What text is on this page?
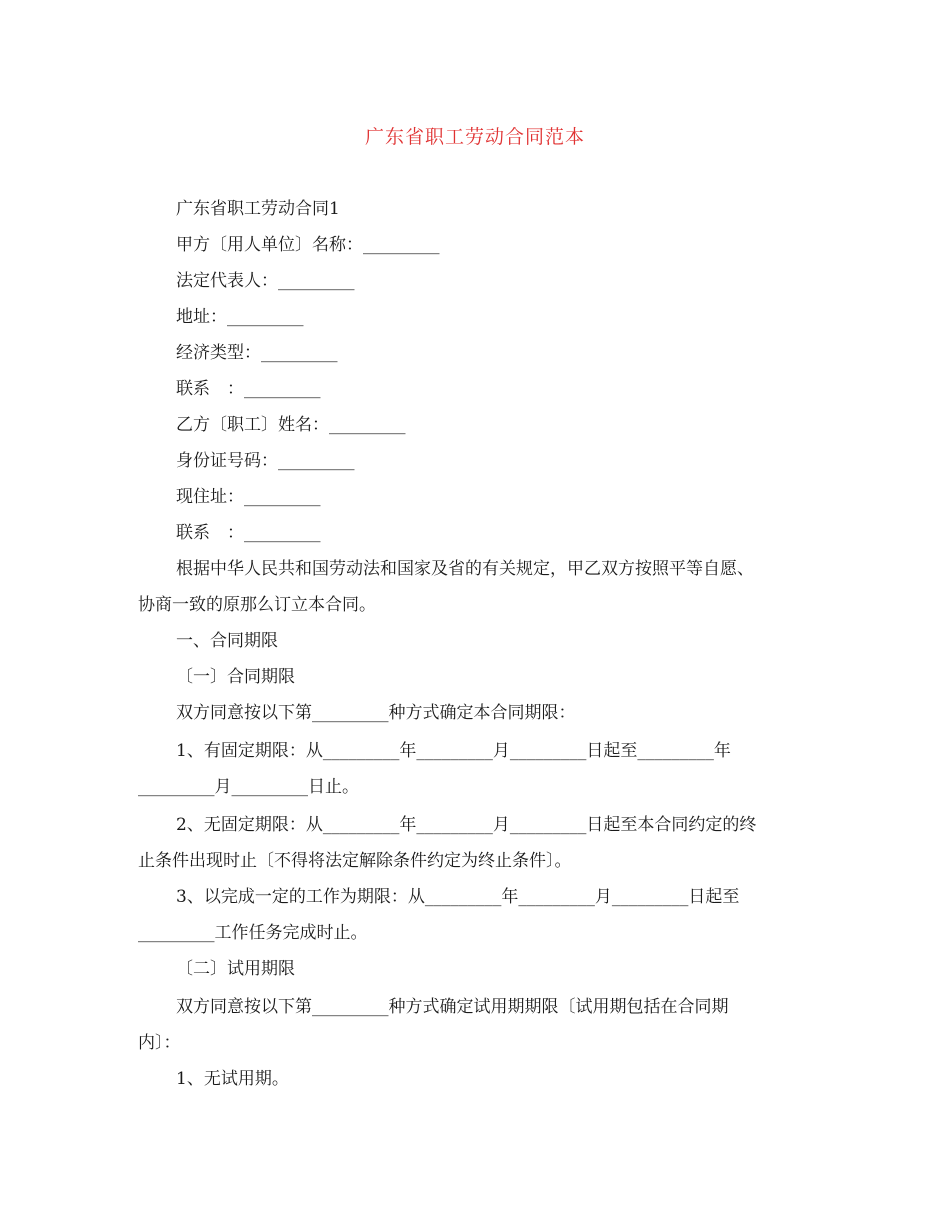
广东省职工劳动合同范本
广东省职工劳动合同1
甲方〔用人单位〕名称：_________
法定代表人：_________
地址：_________
经济类型：_________
联系　：_________
乙方〔职工〕姓名：_________
身份证号码：_________
现住址：_________
联系　：_________
根据中华人民共和国劳动法和国家及省的有关规定，甲乙双方按照平等自愿、
协商一致的原那么订立本合同。
一、合同期限
〔一〕合同期限
双方同意按以下第_________种方式确定本合同期限：
1、有固定期限：从_________年_________月_________日起至_________年
_________月_________日止。
2、无固定期限：从_________年_________月_________日起至本合同约定的终
止条件出现时止〔不得将法定解除条件约定为终止条件〕。
3、以完成一定的工作为期限：从_________年_________月_________日起至
_________工作任务完成时止。
〔二〕试用期限
双方同意按以下第_________种方式确定试用期期限〔试用期包括在合同期
内〕：
1、无试用期。
